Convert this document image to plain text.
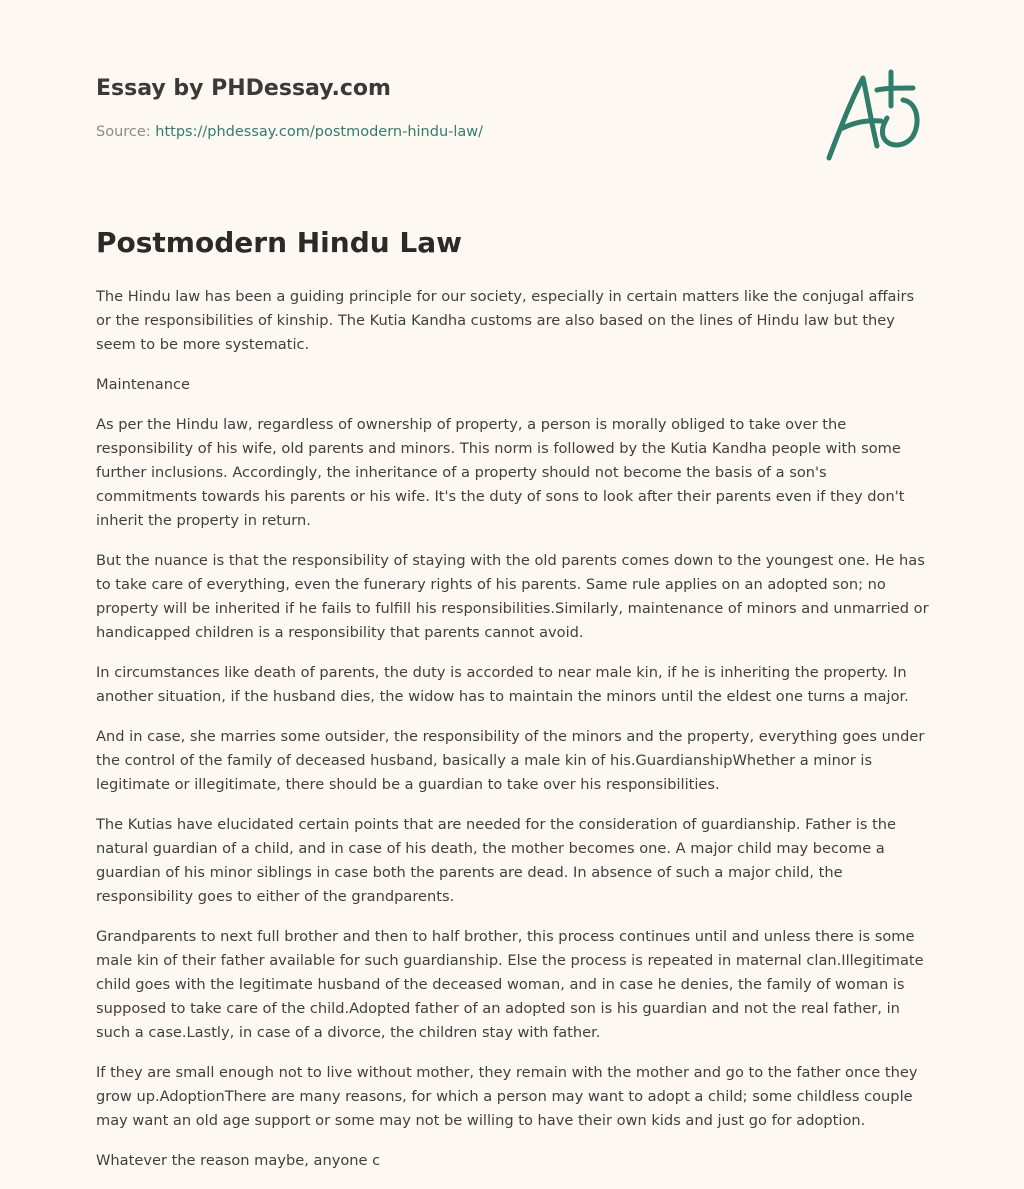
Essay by PHDessay.com
Source: https://phdessay.com/postmodern-hindu-law/
Postmodern Hindu Law

The Hindu law has been a guiding principle for our society, especially in certain matters like the conjugal affairs or the responsibilities of kinship. The Kutia Kandha customs are also based on the lines of Hindu law but they seem to be more systematic.

Maintenance

As per the Hindu law, regardless of ownership of property, a person is morally obliged to take over the responsibility of his wife, old parents and minors. This norm is followed by the Kutia Kandha people with some further inclusions. Accordingly, the inheritance of a property should not become the basis of a son's commitments towards his parents or his wife. It's the duty of sons to look after their parents even if they don't inherit the property in return.

But the nuance is that the responsibility of staying with the old parents comes down to the youngest one. He has to take care of everything, even the funerary rights of his parents. Same rule applies on an adopted son; no property will be inherited if he fails to fulfill his responsibilities.Similarly, maintenance of minors and unmarried or handicapped children is a responsibility that parents cannot avoid.

In circumstances like death of parents, the duty is accorded to near male kin, if he is inheriting the property. In another situation, if the husband dies, the widow has to maintain the minors until the eldest one turns a major.

And in case, she marries some outsider, the responsibility of the minors and the property, everything goes under the control of the family of deceased husband, basically a male kin of his.GuardianshipWhether a minor is legitimate or illegitimate, there should be a guardian to take over his responsibilities.

The Kutias have elucidated certain points that are needed for the consideration of guardianship. Father is the natural guardian of a child, and in case of his death, the mother becomes one. A major child may become a guardian of his minor siblings in case both the parents are dead. In absence of such a major child, the responsibility goes to either of the grandparents.

Grandparents to next full brother and then to half brother, this process continues until and unless there is some male kin of their father available for such guardianship. Else the process is repeated in maternal clan.Illegitimate child goes with the legitimate husband of the deceased woman, and in case he denies, the family of woman is supposed to take care of the child.Adopted father of an adopted son is his guardian and not the real father, in such a case.Lastly, in case of a divorce, the children stay with father.

If they are small enough not to live without mother, they remain with the mother and go to the father once they grow up.AdoptionThere are many reasons, for which a person may want to adopt a child; some childless couple may want an old age support or some may not be willing to have their own kids and just go for adoption.

Whatever the reason maybe, anyone c
